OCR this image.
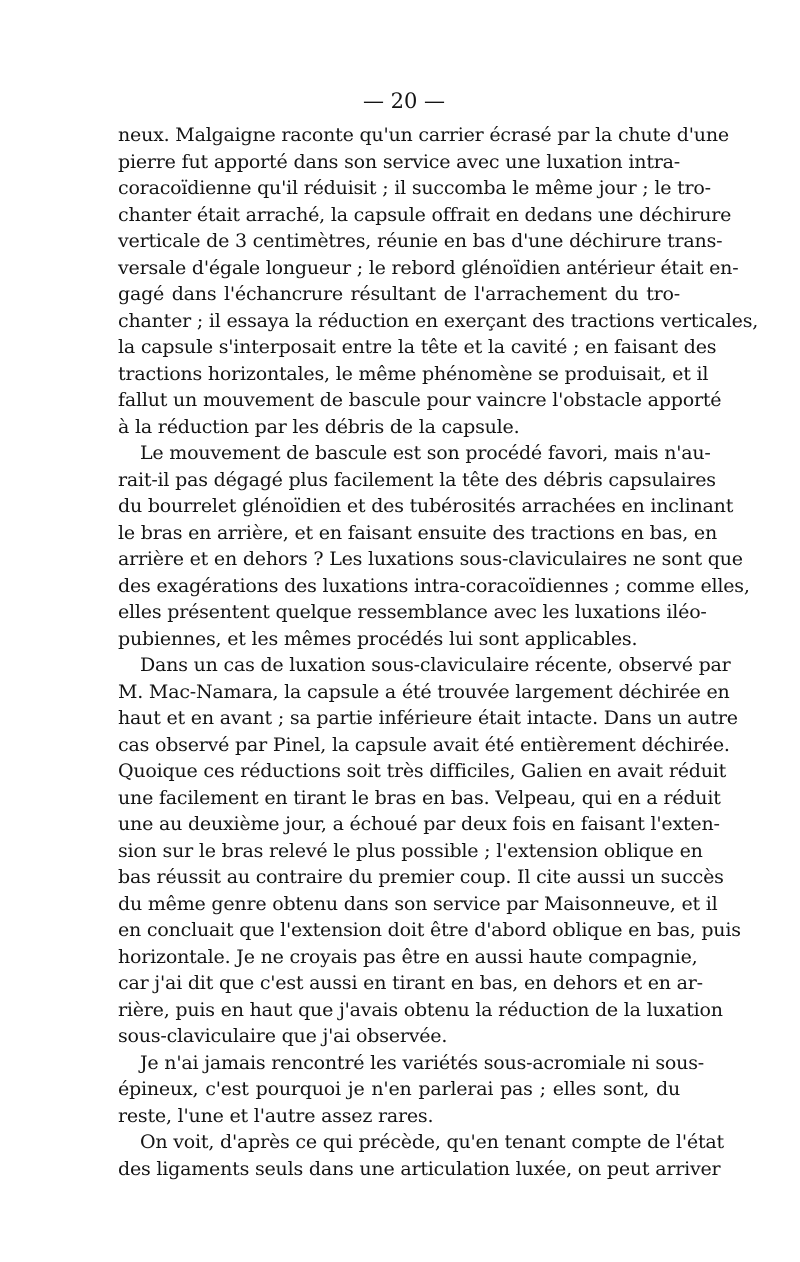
— 20 —
neux. Malgaigne raconte qu'un carrier écrasé par la chute d'une
pierre fut apporté dans son service avec une luxation intra-
coracoïdienne qu'il réduisit ; il succomba le même jour ; le tro-
chanter était arraché, la capsule offrait en dedans une déchirure
verticale de 3 centimètres, réunie en bas d'une déchirure trans-
versale d'égale longueur ; le rebord glénoïdien antérieur était en-
gagé dans l'échancrure résultant de l'arrachement du tro-
chanter ; il essaya la réduction en exerçant des tractions verticales,
la capsule s'interposait entre la tête et la cavité ; en faisant des
tractions horizontales, le même phénomène se produisait, et il
fallut un mouvement de bascule pour vaincre l'obstacle apporté
à la réduction par les débris de la capsule.
Le mouvement de bascule est son procédé favori, mais n'au-
rait-il pas dégagé plus facilement la tête des débris capsulaires
du bourrelet glénoïdien et des tubérosités arrachées en inclinant
le bras en arrière, et en faisant ensuite des tractions en bas, en
arrière et en dehors ? Les luxations sous-claviculaires ne sont que
des exagérations des luxations intra-coracoïdiennes ; comme elles,
elles présentent quelque ressemblance avec les luxations iléo-
pubiennes, et les mêmes procédés lui sont applicables.
Dans un cas de luxation sous-claviculaire récente, observé par
M. Mac-Namara, la capsule a été trouvée largement déchirée en
haut et en avant ; sa partie inférieure était intacte. Dans un autre
cas observé par Pinel, la capsule avait été entièrement déchirée.
Quoique ces réductions soit très difficiles, Galien en avait réduit
une facilement en tirant le bras en bas. Velpeau, qui en a réduit
une au deuxième jour, a échoué par deux fois en faisant l'exten-
sion sur le bras relevé le plus possible ; l'extension oblique en
bas réussit au contraire du premier coup. Il cite aussi un succès
du même genre obtenu dans son service par Maisonneuve, et il
en concluait que l'extension doit être d'abord oblique en bas, puis
horizontale. Je ne croyais pas être en aussi haute compagnie,
car j'ai dit que c'est aussi en tirant en bas, en dehors et en ar-
rière, puis en haut que j'avais obtenu la réduction de la luxation
sous-claviculaire que j'ai observée.
Je n'ai jamais rencontré les variétés sous-acromiale ni sous-
épineux, c'est pourquoi je n'en parlerai pas ; elles sont, du
reste, l'une et l'autre assez rares.
On voit, d'après ce qui précède, qu'en tenant compte de l'état
des ligaments seuls dans une articulation luxée, on peut arriver
